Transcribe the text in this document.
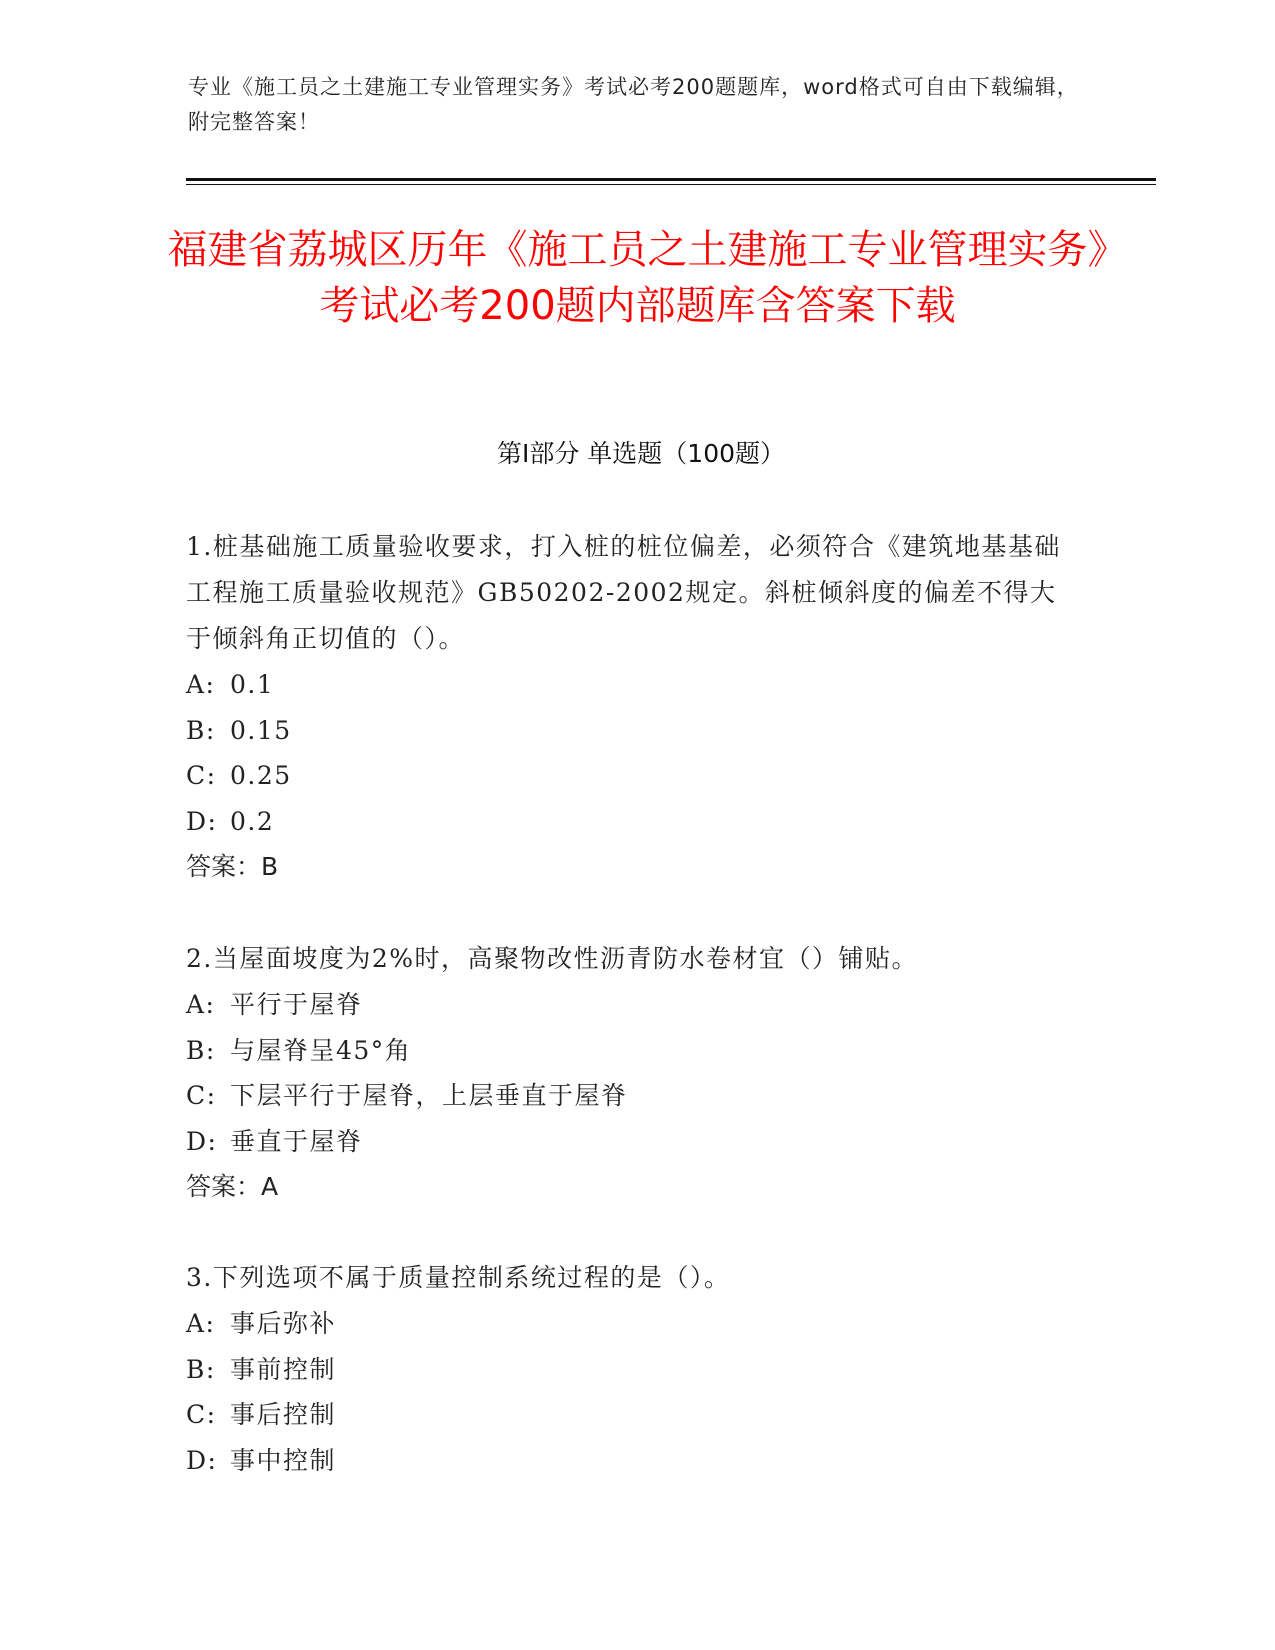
专业《施工员之土建施工专业管理实务》考试必考200题题库，word格式可自由下载编辑，附完整答案！
福建省荔城区历年《施工员之土建施工专业管理实务》考试必考200题内部题库含答案下载
第Ⅰ部分 单选题（100题）
1.桩基础施工质量验收要求，打入桩的桩位偏差，必须符合《建筑地基基础工程施工质量验收规范》GB50202-2002规定。斜桩倾斜度的偏差不得大于倾斜角正切值的（）。
A: 0.1
B: 0.15
C: 0.25
D: 0.2
答案：B
2.当屋面坡度为2%时，高聚物改性沥青防水卷材宜（）铺贴。
A: 平行于屋脊
B: 与屋脊呈45°角
C: 下层平行于屋脊，上层垂直于屋脊
D: 垂直于屋脊
答案：A
3.下列选项不属于质量控制系统过程的是（）。
A: 事后弥补
B: 事前控制
C: 事后控制
D: 事中控制
